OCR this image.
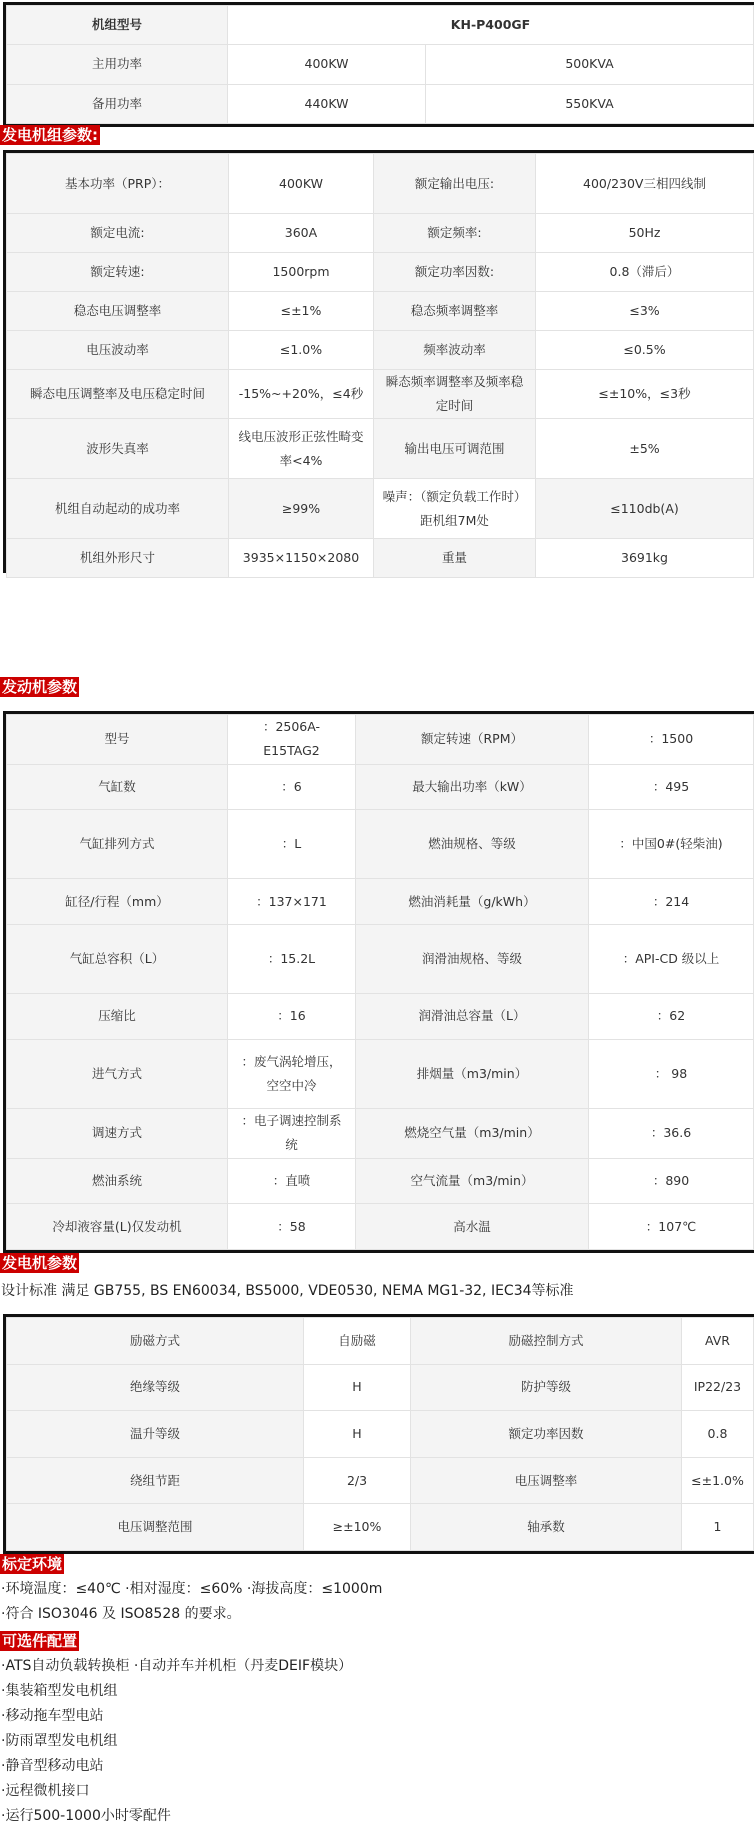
机组型号	KH-P400GF	
主用功率	400KW	500KVA
备用功率	440KW	550KVA
发电机组参数:
基本功率（PRP）：	400KW	额定输出电压:	400/230V三相四线制
额定电流:	360A	额定频率:	50Hz
额定转速:	1500rpm	额定功率因数:	0.8（滞后）
稳态电压调整率	≤±1%	稳态频率调整率	≤3%
电压波动率	≤1.0%	频率波动率	≤0.5%
瞬态电压调整率及电压稳定时间	-15%~+20%，≤4秒	瞬态频率调整率及频率稳定时间	≤±10%，≤3秒
波形失真率	线电压波形正弦性畸变率<4%	输出电压可调范围	±5%
机组自动起动的成功率	≥99%	噪声：（额定负载工作时）距机组7M处	≤110db(A)
机组外形尺寸	3935×1150×2080	重量	3691kg
发动机参数
型号	：2506A-E15TAG2	额定转速（RPM）	：1500
气缸数	：6	最大输出功率（kW）	：495
气缸排列方式	：L	燃油规格、等级	：中国0#(轻柴油)
缸径/行程（mm）	：137×171	燃油消耗量（g/kWh）	：214
气缸总容积（L）	：15.2L	润滑油规格、等级	：API-CD 级以上
压缩比	：16	润滑油总容量（L）	：62
进气方式	：废气涡轮增压，空空中冷	排烟量（m3/min）	： 98
调速方式	：电子调速控制系统	燃烧空气量（m3/min）	：36.6
燃油系统	：直喷	空气流量（m3/min）	：890
冷却液容量(L)仅发动机	：58	高水温	：107℃
发电机参数
设计标准 满足 GB755, BS EN60034, BS5000, VDE0530, NEMA MG1-32, IEC34等标准
励磁方式	自励磁	励磁控制方式	AVR
绝缘等级	H	防护等级	IP22/23
温升等级	H	额定功率因数	0.8
绕组节距	2/3	电压调整率	≤±1.0%
电压调整范围	≥±10%	轴承数	1
标定环境
·环境温度：≤40℃ ·相对湿度：≤60% ·海拔高度：≤1000m
·符合 ISO3046 及 ISO8528 的要求。
可选件配置
·ATS自动负载转换柜 ·自动并车并机柜（丹麦DEIF模块）
·集装箱型发电机组
·移动拖车型电站
·防雨罩型发电机组
·静音型移动电站
·远程微机接口
·运行500-1000小时零配件
